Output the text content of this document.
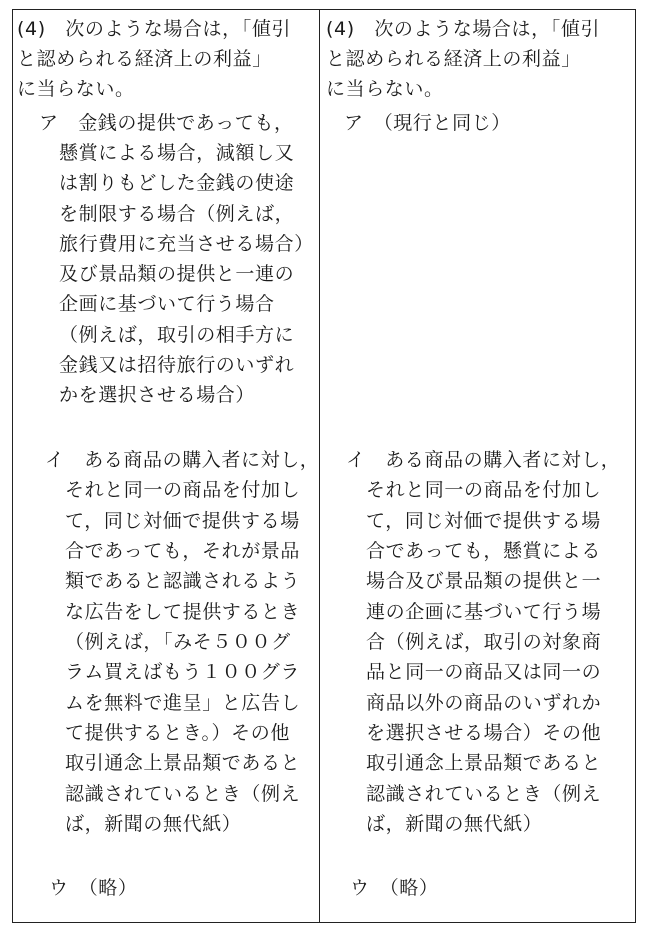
(4)　次のような場合は，「値引
と認められる経済上の利益」
に当らない。
ア　金銭の提供であっても，
懸賞による場合，減額し又
は割りもどした金銭の使途
を制限する場合（例えば，
旅行費用に充当させる場合）
及び景品類の提供と一連の
企画に基づいて行う場合
（例えば，取引の相手方に
金銭又は招待旅行のいずれ
かを選択させる場合）
イ　ある商品の購入者に対し，
それと同一の商品を付加し
て，同じ対価で提供する場
合であっても，それが景品
類であると認識されるよう
な広告をして提供するとき
（例えば，「みそ５００グ
ラム買えばもう１００グラ
ムを無料で進呈」と広告し
て提供するとき。）その他
取引通念上景品類であると
認識されているとき（例え
ば，新聞の無代紙）
ウ　（略）
(4)　次のような場合は，「値引
と認められる経済上の利益」
に当らない。
ア　（現行と同じ）
イ　ある商品の購入者に対し，
それと同一の商品を付加し
て，同じ対価で提供する場
合であっても，懸賞による
場合及び景品類の提供と一
連の企画に基づいて行う場
合（例えば，取引の対象商
品と同一の商品又は同一の
商品以外の商品のいずれか
を選択させる場合）その他
取引通念上景品類であると
認識されているとき（例え
ば，新聞の無代紙）
ウ　（略）
